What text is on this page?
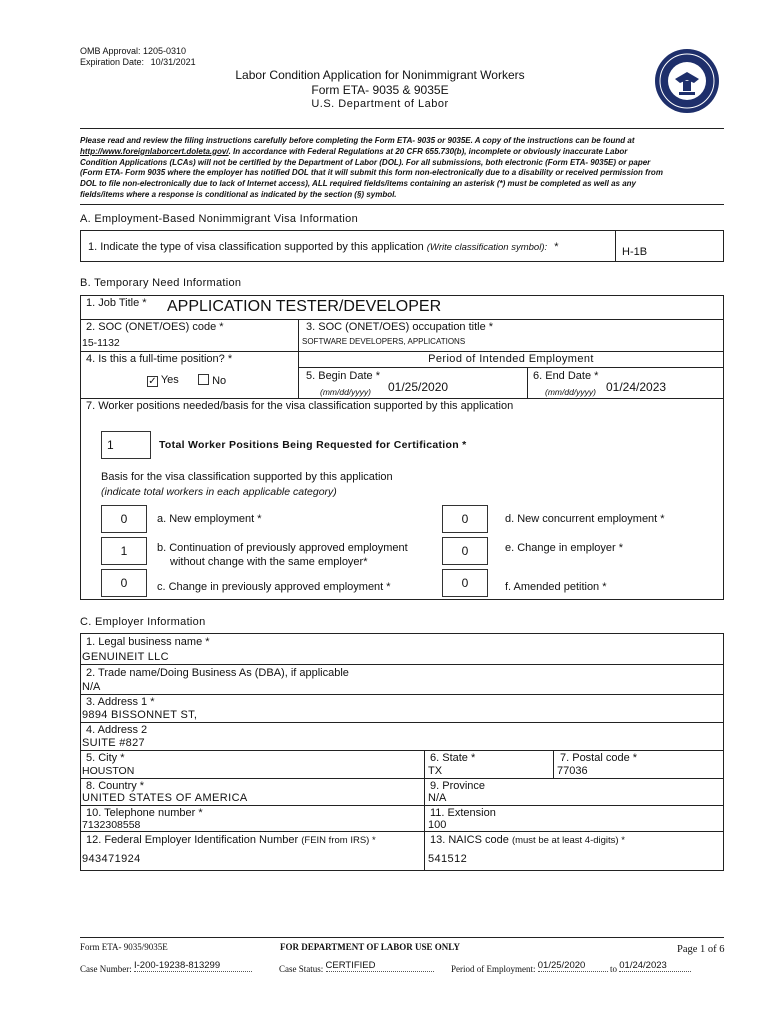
OMB Approval: 1205-0310
Expiration Date: 10/31/2021
Labor Condition Application for Nonimmigrant Workers
Form ETA- 9035 & 9035E
U.S. Department of Labor
Please read and review the filing instructions carefully before completing the Form ETA- 9035 or 9035E. A copy of the instructions can be found at
http://www.foreignlaborcert.doleta.gov/. In accordance with Federal Regulations at 20 CFR 655.730(b), incomplete or obviously inaccurate Labor
Condition Applications (LCAs) will not be certified by the Department of Labor (DOL). For all submissions, both electronic (Form ETA- 9035E) or paper
(Form ETA- Form 9035 where the employer has notified DOL that it will submit this form non-electronically due to a disability or received permission from
DOL to file non-electronically due to lack of Internet access), ALL required fields/items containing an asterisk (*) must be completed as well as any
fields/items where a response is conditional as indicated by the section (§) symbol.
A. Employment-Based Nonimmigrant Visa Information
1. Indicate the type of visa classification supported by this application (Write classification symbol): *	H-1B
B. Temporary Need Information
1. Job Title * APPLICATION TESTER/DEVELOPER
2. SOC (ONET/OES) code *
15-1132
3. SOC (ONET/OES) occupation title *
SOFTWARE DEVELOPERS, APPLICATIONS
4. Is this a full-time position? *
✓ Yes	No
Period of Intended Employment
5. Begin Date *
(mm/dd/yyyy) 01/25/2020
6. End Date *
(mm/dd/yyyy) 01/24/2023
7. Worker positions needed/basis for the visa classification supported by this application
1	Total Worker Positions Being Requested for Certification *
Basis for the visa classification supported by this application
(indicate total workers in each applicable category)
0	a. New employment *
1	b. Continuation of previously approved employment
without change with the same employer*
0	c. Change in previously approved employment *
0	d. New concurrent employment *
0	e. Change in employer *
0	f. Amended petition *
C. Employer Information
1. Legal business name *
GENUINEIT LLC
2. Trade name/Doing Business As (DBA), if applicable
N/A
3. Address 1 *
9894 BISSONNET ST,
4. Address 2
SUITE #827
5. City *
HOUSTON
6. State *
TX
7. Postal code *
77036
8. Country *
UNITED STATES OF AMERICA
9. Province
N/A
10. Telephone number *
7132308558
11. Extension
100
12. Federal Employer Identification Number (FEIN from IRS) *
943471924
13. NAICS code (must be at least 4-digits) *
541512
Form ETA- 9035/9035E	FOR DEPARTMENT OF LABOR USE ONLY	Page 1 of 6
Case Number: I-200-19238-813299	Case Status: CERTIFIED	Period of Employment: 01/25/2020	to 01/24/2023
